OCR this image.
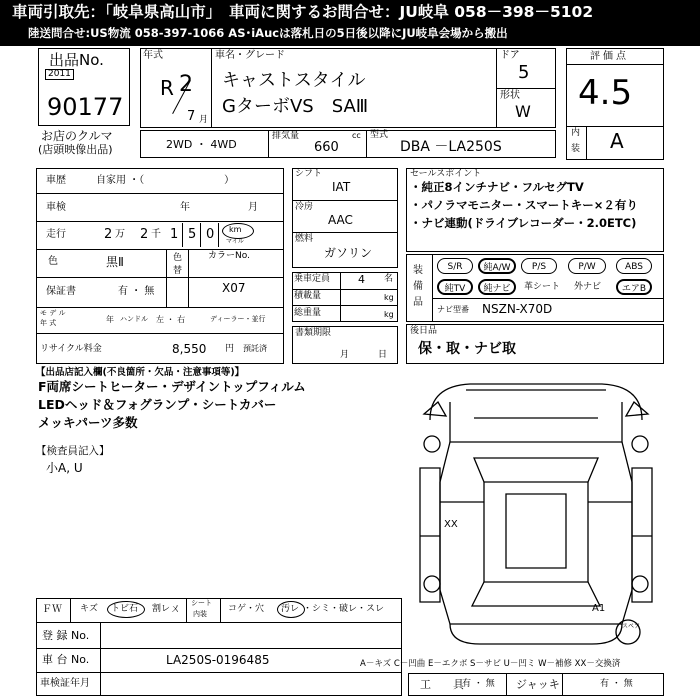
車両引取先：「岐阜県高山市」　車両に関するお問合せ：JU岐阜 058－398－5102
陸送問合せ:US物流 058-397-1066 AS･iAucは落札日の5日後以降にJU岐阜会場から搬出
出品No.
2011
90177
お店のクルマ
(店頭映像出品)
年式
R 2
7 月
車名・グレード
キャストスタイル
GターボVS　SAⅢ
ドア
5
形状
W
評価点
4.5
内
装 A
2WD ・ 4WD
排気量	cc
660
型式
DBA －LA250S
車歴	自家用 ・（　　　　　　　　）
車検	年	月
走行	2 万 2 千 1 5 0 km
マイル
色	黒Ⅱ	色
替
カラーNo.
X07
保証書	有 ・ 無
モ デ ル
年 式	年 ハンドル 左 ・ 右	ディーラー・並行
リサイクル料金	8,550 円 預託済
シフト
IAT
冷房
AAC
燃料
ガソリン
乗車定員	4 名
積載量	kg
総重量	kg
書類期限
月	日
セールスポイント
・純正8インチナビ・フルセグTV
・パノラマモニター・スマートキー×２有り
・ナビ連動(ドライブレコーダー・2.0ETC)
装
備
品
S/R	純A/W	P/S	P/W	ABS
純TV	純ナビ	革シート 外ナビ	エアB
ナビ型番 NSZN-X70D
後日品
保・取・ナビ取
【出品店記入欄(不良箇所・欠品・注意事項等)】
F両席シートヒーター・デザイントップフィルム
LEDヘッド＆フォグランプ・シートカバー
メッキパーツ多数
【検査員記入】
小A, U
XX
A1
スペア
ＦＷ キズ トビ石 割レ ㄨ シート
内装 コゲ・穴 汚レ ・シミ・破レ・スレ
登 録 No.
車 台 No.	LA250S-0196485
車検証年月
A－キズ C－凹曲 E－エクボ S－サビ U－凹ミ W－補修 XX－交換済
工　　具
有 ・ 無 ジャッキ	有 ・ 無
